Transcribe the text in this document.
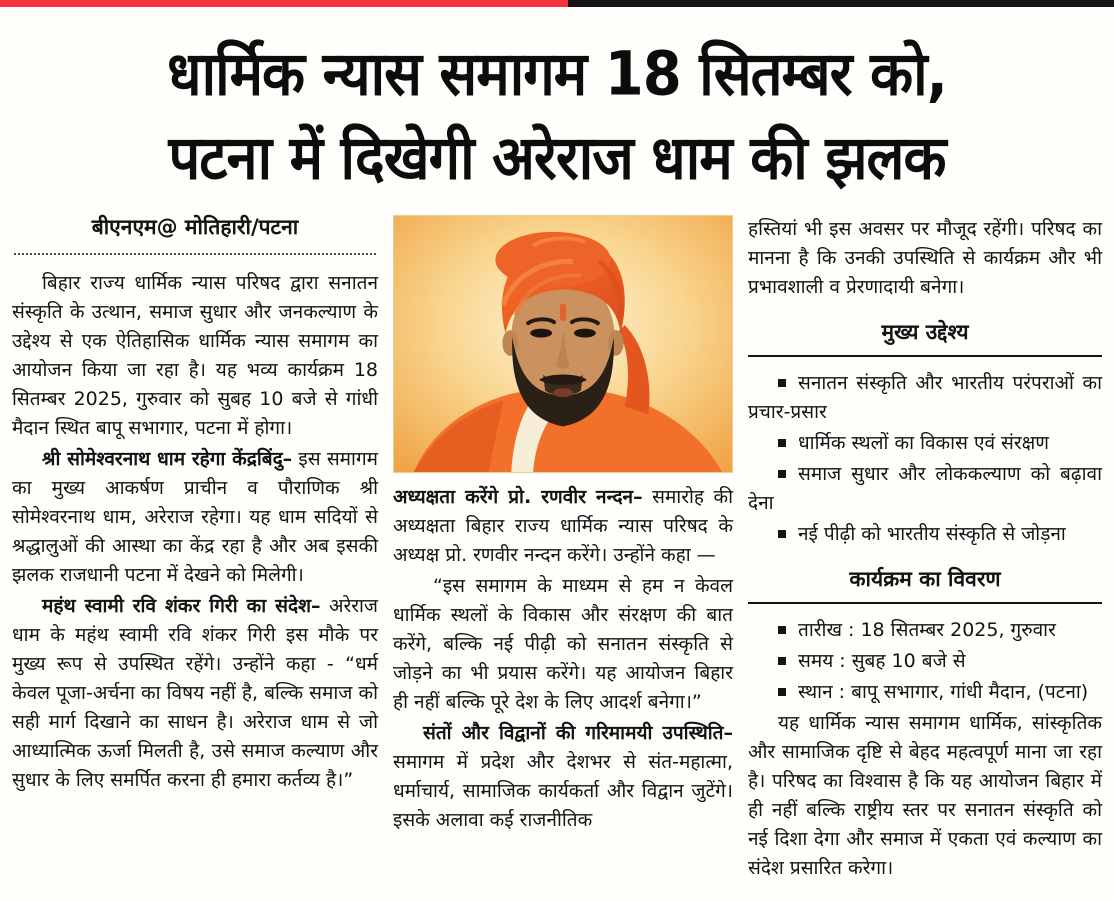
धार्मिक न्यास समागम 18 सितम्बर को,
पटना में दिखेगी अरेराज धाम की झलक
बीएनएम@ मोतिहारी/पटना

बिहार राज्य धार्मिक न्यास परिषद द्वारा सनातन संस्कृति के उत्थान, समाज सुधार और जनकल्याण के उद्देश्य से एक ऐतिहासिक धार्मिक न्यास समागम का आयोजन किया जा रहा है। यह भव्य कार्यक्रम 18 सितम्बर 2025, गुरुवार को सुबह 10 बजे से गांधी मैदान स्थित बापू सभागार, पटना में होगा।

श्री सोमेश्वरनाथ धाम रहेगा केंद्रबिंदु– इस समागम का मुख्य आकर्षण प्राचीन व पौराणिक श्री सोमेश्वरनाथ धाम, अरेराज रहेगा। यह धाम सदियों से श्रद्धालुओं की आस्था का केंद्र रहा है और अब इसकी झलक राजधानी पटना में देखने को मिलेगी।

महंथ स्वामी रवि शंकर गिरी का संदेश– अरेराज धाम के महंथ स्वामी रवि शंकर गिरी इस मौके पर मुख्य रूप से उपस्थित रहेंगे। उन्होंने कहा - “धर्म केवल पूजा-अर्चना का विषय नहीं है, बल्कि समाज को सही मार्ग दिखाने का साधन है। अरेराज धाम से जो आध्यात्मिक ऊर्जा मिलती है, उसे समाज कल्याण और सुधार के लिए समर्पित करना ही हमारा कर्तव्य है।”

अध्यक्षता करेंगे प्रो. रणवीर नन्दन– समारोह की अध्यक्षता बिहार राज्य धार्मिक न्यास परिषद के अध्यक्ष प्रो. रणवीर नन्दन करेंगे। उन्होंने कहा —

“इस समागम के माध्यम से हम न केवल धार्मिक स्थलों के विकास और संरक्षण की बात करेंगे, बल्कि नई पीढ़ी को सनातन संस्कृति से जोड़ने का भी प्रयास करेंगे। यह आयोजन बिहार ही नहीं बल्कि पूरे देश के लिए आदर्श बनेगा।”

संतों और विद्वानों की गरिमामयी उपस्थिति– समागम में प्रदेश और देशभर से संत-महात्मा, धर्माचार्य, सामाजिक कार्यकर्ता और विद्वान जुटेंगे। इसके अलावा कई राजनीतिक

हस्तियां भी इस अवसर पर मौजूद रहेंगी। परिषद का मानना है कि उनकी उपस्थिति से कार्यक्रम और भी प्रभावशाली व प्रेरणादायी बनेगा।

मुख्य उद्देश्य

सनातन संस्कृति और भारतीय परंपराओं का प्रचार-प्रसार

धार्मिक स्थलों का विकास एवं संरक्षण

समाज सुधार और लोककल्याण को बढ़ावा देना

नई पीढ़ी को भारतीय संस्कृति से जोड़ना

कार्यक्रम का विवरण

तारीख : 18 सितम्बर 2025, गुरुवार

समय : सुबह 10 बजे से

स्थान : बापू सभागार, गांधी मैदान, (पटना)

यह धार्मिक न्यास समागम धार्मिक, सांस्कृतिक और सामाजिक दृष्टि से बेहद महत्वपूर्ण माना जा रहा है। परिषद का विश्वास है कि यह आयोजन बिहार में ही नहीं बल्कि राष्ट्रीय स्तर पर सनातन संस्कृति को नई दिशा देगा और समाज में एकता एवं कल्याण का संदेश प्रसारित करेगा।
